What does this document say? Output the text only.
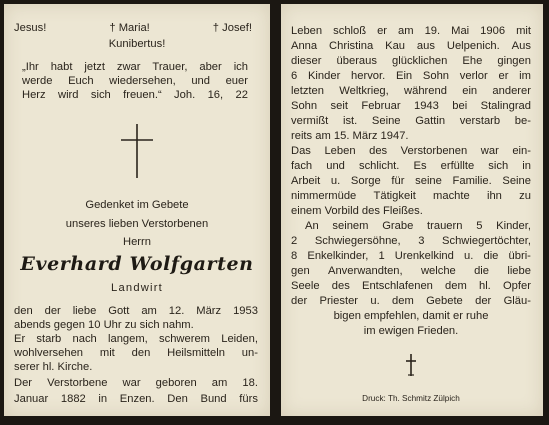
Jesus!	† Maria!	† Josef!
Kunibertus!
„Ihr habt jetzt zwar Trauer, aber ich
werde Euch wiedersehen, und euer
Herz wird sich freuen.“ Joh. 16, 22
Gedenket im Gebete
unseres lieben Verstorbenen
Herrn
Everhard Wolfgarten
Landwirt
den der liebe Gott am 12. März 1953
abends gegen 10 Uhr zu sich nahm.
Er starb nach langem, schwerem Leiden,
wohlversehen mit den Heilsmitteln un-
serer hl. Kirche.
Der Verstorbene war geboren am 18.
Januar 1882 in Enzen. Den Bund fürs
Leben schloß er am 19. Mai 1906 mit
Anna Christina Kau aus Uelpenich. Aus
dieser überaus glücklichen Ehe gingen
6 Kinder hervor. Ein Sohn verlor er im
letzten Weltkrieg, während ein anderer
Sohn seit Februar 1943 bei Stalingrad
vermißt ist. Seine Gattin verstarb be-
reits am 15. März 1947.
Das Leben des Verstorbenen war ein-
fach und schlicht. Es erfüllte sich in
Arbeit u. Sorge für seine Familie. Seine
nimmermüde Tätigkeit machte ihn zu
einem Vorbild des Fleißes.
An seinem Grabe trauern 5 Kinder,
2 Schwiegersöhne, 3 Schwiegertöchter,
8 Enkelkinder, 1 Urenkelkind u. die übri-
gen Anverwandten, welche die liebe
Seele des Entschlafenen dem hl. Opfer
der Priester u. dem Gebete der Gläu-
bigen empfehlen, damit er ruhe
im ewigen Frieden.
Druck: Th. Schmitz Zülpich
